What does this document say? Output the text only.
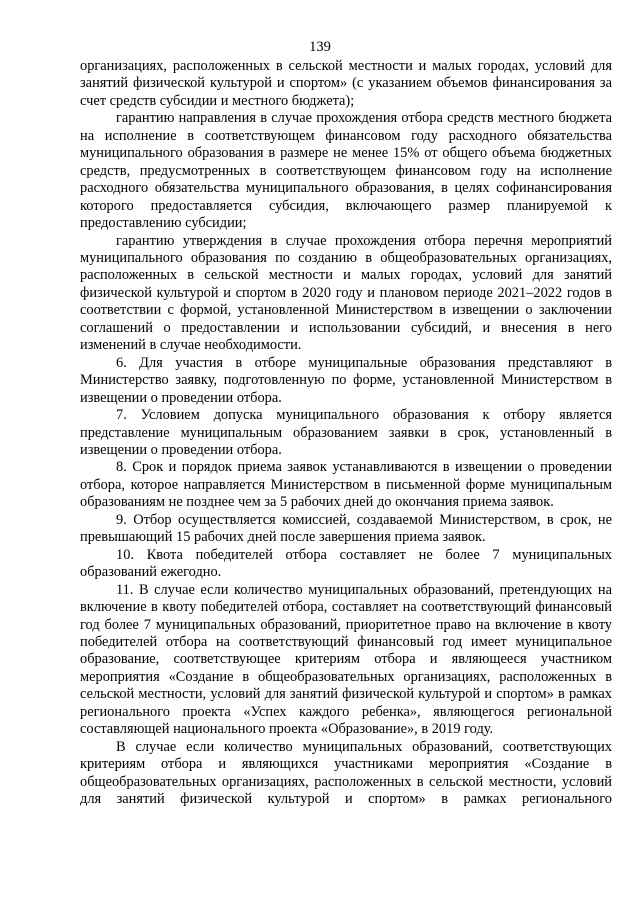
139

организациях, расположенных в сельской местности и малых городах, условий для занятий физической культурой и спортом» (с указанием объемов финансирования за счет средств субсидии и местного бюджета);

гарантию направления в случае прохождения отбора средств местного бюджета на исполнение в соответствующем финансовом году расходного обязательства муниципального образования в размере не менее 15% от общего объема бюджетных средств, предусмотренных в соответствующем финансовом году на исполнение расходного обязательства муниципального образования, в целях софинансирования которого предоставляется субсидия, включающего размер планируемой к предоставлению субсидии;

гарантию утверждения в случае прохождения отбора перечня мероприятий муниципального образования по созданию в общеобразовательных организациях, расположенных в сельской местности и малых городах, условий для занятий физической культурой и спортом в 2020 году и плановом периоде 2021–2022 годов в соответствии с формой, установленной Министерством в извещении о заключении соглашений о предоставлении и использовании субсидий, и внесения в него изменений в случае необходимости.

6. Для участия в отборе муниципальные образования представляют в Министерство заявку, подготовленную по форме, установленной Министерством в извещении о проведении отбора.

7. Условием допуска муниципального образования к отбору является представление муниципальным образованием заявки в срок, установленный в извещении о проведении отбора.

8. Срок и порядок приема заявок устанавливаются в извещении о проведении отбора, которое направляется Министерством в письменной форме муниципальным образованиям не позднее чем за 5 рабочих дней до окончания приема заявок.

9. Отбор осуществляется комиссией, создаваемой Министерством, в срок, не превышающий 15 рабочих дней после завершения приема заявок.

10. Квота победителей отбора составляет не более 7 муниципальных образований ежегодно.

11. В случае если количество муниципальных образований, претендующих на включение в квоту победителей отбора, составляет на соответствующий финансовый год более 7 муниципальных образований, приоритетное право на включение в квоту победителей отбора на соответствующий финансовый год имеет муниципальное образование, соответствующее критериям отбора и являющееся участником мероприятия «Создание в общеобразовательных организациях, расположенных в сельской местности, условий для занятий физической культурой и спортом» в рамках регионального проекта «Успех каждого ребенка», являющегося региональной составляющей национального проекта «Образование», в 2019 году.

В случае если количество муниципальных образований, соответствующих критериям отбора и являющихся участниками мероприятия «Создание в общеобразовательных организациях, расположенных в сельской местности, условий для занятий физической культурой и спортом» в рамках регионального
